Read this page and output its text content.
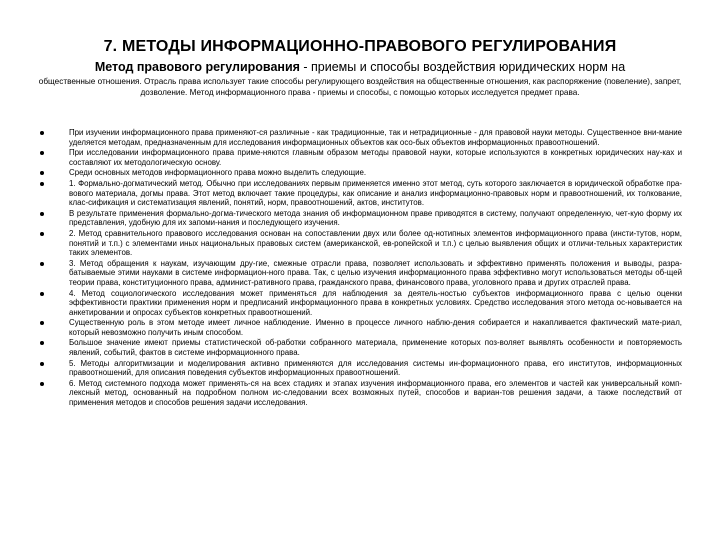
7. МЕТОДЫ ИНФОРМАЦИОННО-ПРАВОВОГО РЕГУЛИРОВАНИЯ
Метод правового регулирования - приемы и способы воздействия юридических норм на
общественные отношения. Отрасль права использует такие способы регулирующего воздействия на общественные отношения, как распоряжение (повеление), запрет, дозволение. Метод информационного права - приемы и способы, с помощью которых исследуется предмет права.
При изучении информационного права применяют-ся различные - как традиционные, так и нетрадиционные - для правовой науки методы. Существенное вни-мание уделяется методам, предназначенным для исследования информационных объектов как осо-бых объектов информационных правоотношений.
При исследовании информационного права приме-няются главным образом методы правовой науки, которые используются в конкретных юридических нау-ках и составляют их методологическую основу.
Среди основных методов информационного права можно выделить следующие.
1. Формально-догматический метод. Обычно при исследованиях первым применяется именно этот метод, суть которого заключается в юридической обработке пра-вового материала, догмы права. Этот метод включает такие процедуры, как описание и анализ информационно-правовых норм и правоотношений, их толкование, клас-сификация и систематизация явлений, понятий, норм, правоотношений, актов, институтов.
В результате применения формально-догма-тического метода знания об информационном праве приводятся в систему, получают определенную, чет-кую форму их представления, удобную для их запоми-нания и последующего изучения.
2. Метод сравнительного правового исследования основан на сопоставлении двух или более од-нотипных элементов информационного права (инсти-тутов, норм, понятий и т.п.) с элементами иных национальных правовых систем (американской, ев-ропейской и т.п.) с целью выявления общих и отличи-тельных характеристик таких элементов.
3. Метод обращения к наукам, изучающим дру-гие, смежные отрасли права, позволяет использовать и эффективно применять положения и выводы, разра-батываемые этими науками в системе информацион-ного права. Так, с целью изучения информационного права эффективно могут использоваться методы об-щей теории права, конституционного права, админист-ративного права, гражданского права, финансового права, уголовного права и других отраслей права.
4. Метод социологического исследования может применяться для наблюдения за деятель-ностью субъектов информационного права с целью оценки эффективности практики применения норм и предписаний информационного права в конкретных условиях. Средство исследования этого метода ос-новывается на анкетировании и опросах субъектов конкретных правоотношений.
Существенную роль в этом методе имеет личное наблюдение. Именно в процессе личного наблю-дения собирается и накапливается фактический мате-риал, который невозможно получить иным способом.
Большое значение имеют приемы статистической об-работки собранного материала, применение которых поз-воляет выявлять особенности и повторяемость явлений, событий, фактов в системе информационного права.
5. Методы алгоритмизации и моделирования активно применяются для исследования системы ин-формационного права, его институтов, информационных правоотношений, для описания поведения субъектов информационных правоотношений.
6. Метод системного подхода может применять-ся на всех стадиях и этапах изучения информационного права, его элементов и частей как универсальный комп-лексный метод, основанный на подробном полном ис-следовании всех возможных путей, способов и вариан-тов решения задачи, а также последствий от применения методов и способов решения задачи исследования.
